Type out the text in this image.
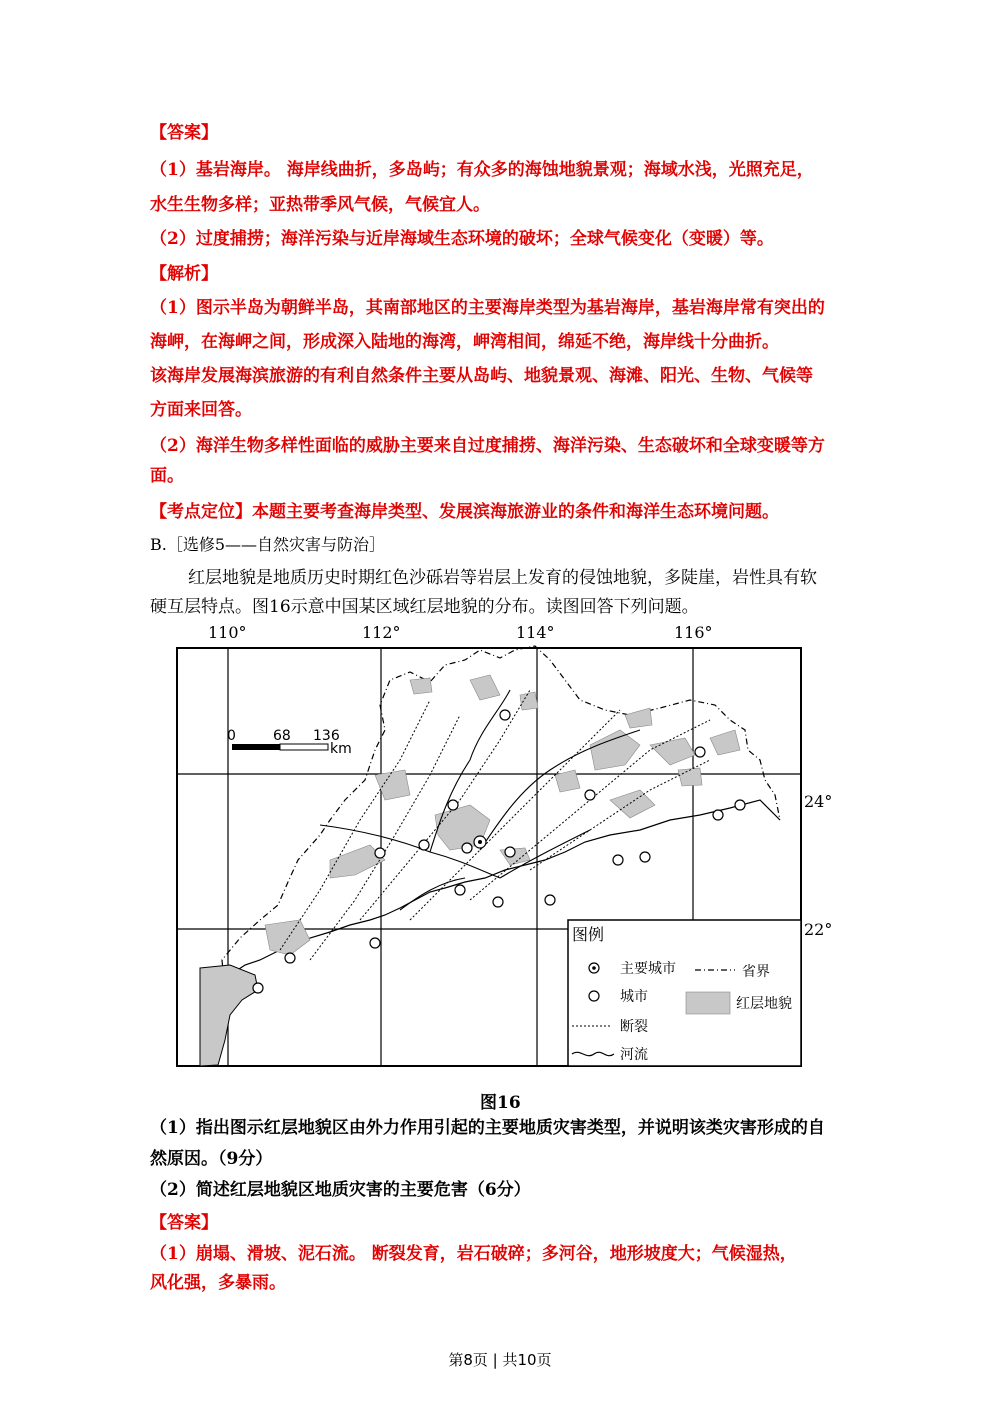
【答案】
（1）基岩海岸。 海岸线曲折，多岛屿；有众多的海蚀地貌景观；海域水浅，光照充足，
水生生物多样；亚热带季风气候，气候宜人。
（2）过度捕捞；海洋污染与近岸海域生态环境的破坏；全球气候变化（变暖）等。
【解析】
（1）图示半岛为朝鲜半岛，其南部地区的主要海岸类型为基岩海岸，基岩海岸常有突出的
海岬，在海岬之间，形成深入陆地的海湾，岬湾相间，绵延不绝，海岸线十分曲折。
该海岸发展海滨旅游的有利自然条件主要从岛屿、地貌景观、海滩、阳光、生物、气候等
方面来回答。
（2）海洋生物多样性面临的威胁主要来自过度捕捞、海洋污染、生态破坏和全球变暖等方
面。
【考点定位】本题主要考查海岸类型、发展滨海旅游业的条件和海洋生态环境问题。
B.［选修5——自然灾害与防治］
红层地貌是地质历史时期红色沙砾岩等岩层上发育的侵蚀地貌，多陡崖，岩性具有软
硬互层特点。图16示意中国某区域红层地貌的分布。读图回答下列问题。
110°	112°	114°	116°
24°
22°
0	68 136
km
图例
主要城市	省界
城市	红层地貌
断裂
河流
图16
（1）指出图示红层地貌区由外力作用引起的主要地质灾害类型，并说明该类灾害形成的自
然原因。（9分）
（2）简述红层地貌区地质灾害的主要危害（6分）
【答案】
（1）崩塌、滑坡、泥石流。 断裂发育，岩石破碎；多河谷，地形坡度大；气候湿热，
风化强，多暴雨。
第8页 | 共10页
